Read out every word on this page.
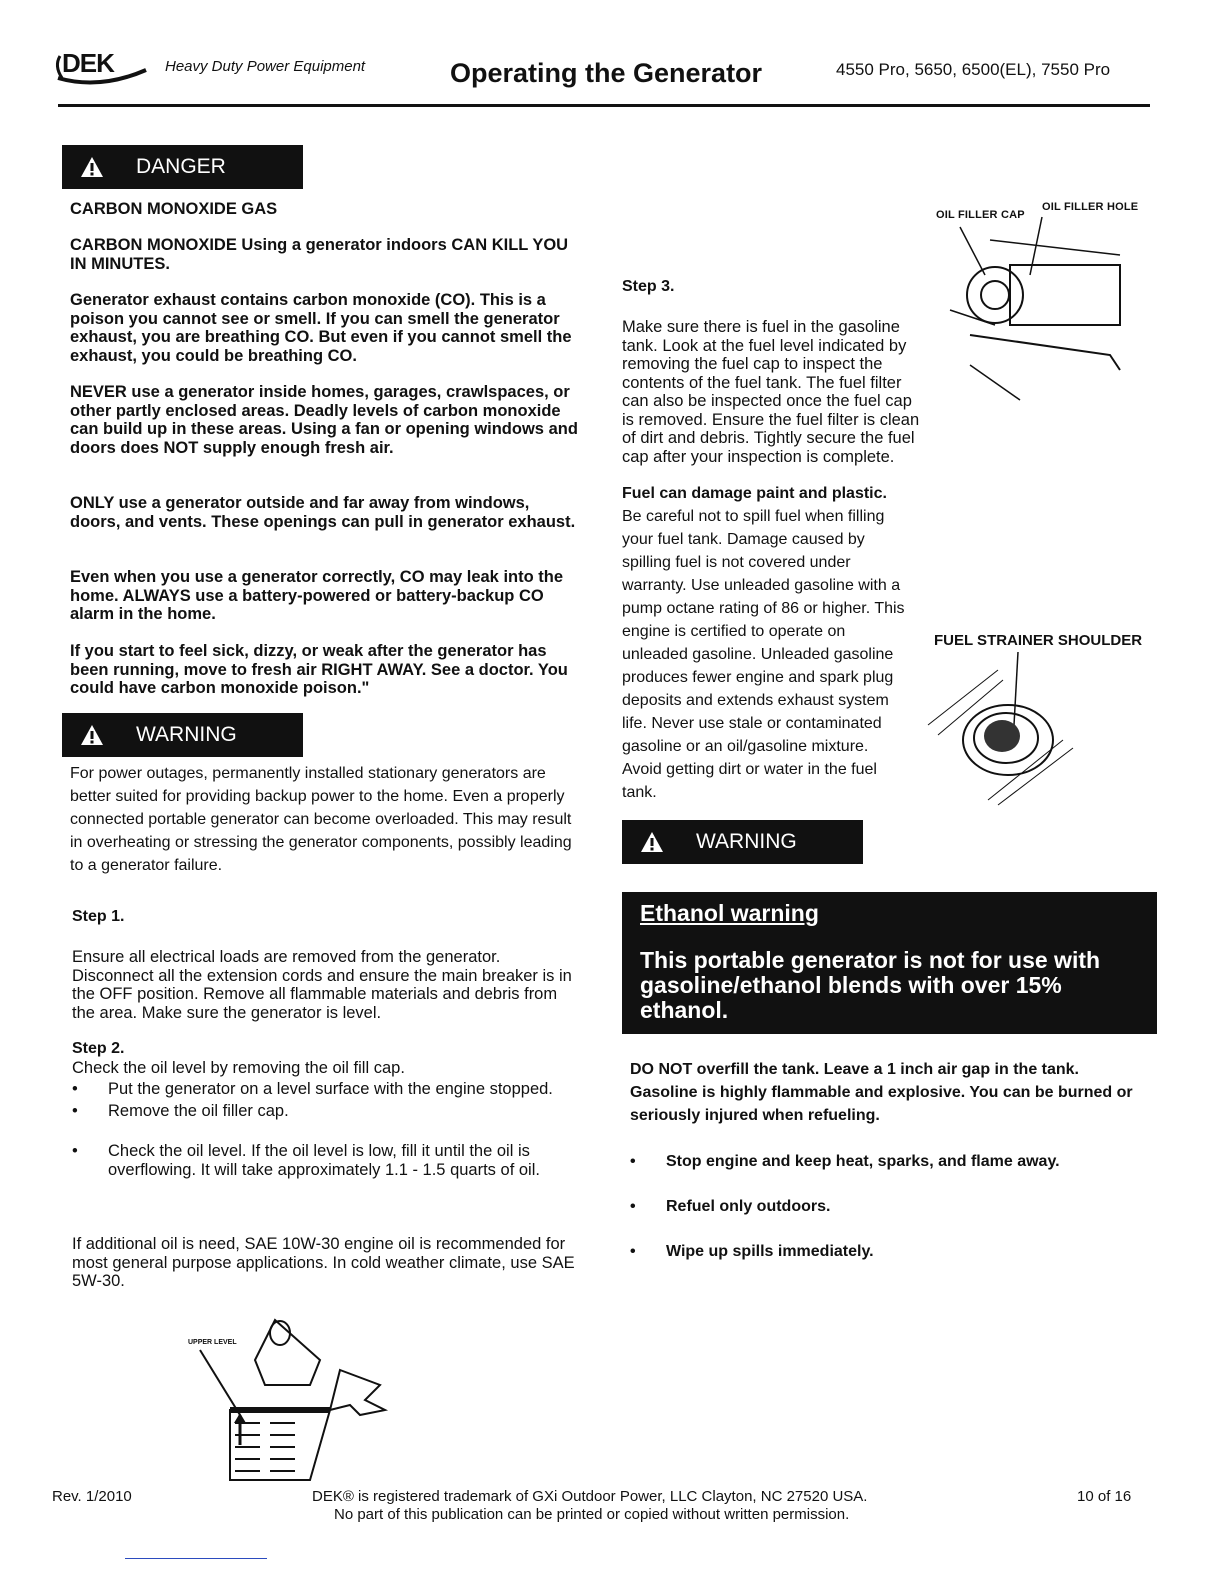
DEK	Heavy Duty Power Equipment	Operating the Generator	4550 Pro, 5650, 6500(EL), 7550 Pro
DANGER
CARBON MONOXIDE GAS
CARBON MONOXIDE Using a generator indoors CAN KILL YOU IN MINUTES.
Generator exhaust contains carbon monoxide (CO). This is a poison you cannot see or smell. If you can smell the generator exhaust, you are breathing CO. But even if you cannot smell the exhaust, you could be breathing CO.
NEVER use a generator inside homes, garages, crawlspaces, or other partly enclosed areas. Deadly levels of carbon monoxide can build up in these areas. Using a fan or opening windows and doors does NOT supply enough fresh air.
ONLY use a generator outside and far away from windows, doors, and vents. These openings can pull in generator exhaust.
Even when you use a generator correctly, CO may leak into the home. ALWAYS use a battery-powered or battery-backup CO alarm in the home.
If you start to feel sick, dizzy, or weak after the generator has been running, move to fresh air RIGHT AWAY. See a doctor. You could have carbon monoxide poison."
WARNING
For power outages, permanently installed stationary generators are better suited for providing backup power to the home. Even a properly connected portable generator can become overloaded. This may result in overheating or stressing the generator components, possibly leading to a generator failure.
Step 1.
Ensure all electrical loads are removed from the generator. Disconnect all the extension cords and ensure the main breaker is in the OFF position. Remove all flammable materials and debris from the area. Make sure the generator is level.
Step 2.
Check the oil level by removing the oil fill cap.
• Put the generator on a level surface with the engine stopped.
• Remove the oil filler cap.
• Check the oil level. If the oil level is low, fill it until the oil is overflowing. It will take approximately 1.1 - 1.5 quarts of oil.
If additional oil is need, SAE 10W-30 engine oil is recommended for most general purpose applications. In cold weather climate, use SAE 5W-30.
UPPER LEVEL
Step 3.
Make sure there is fuel in the gasoline tank. Look at the fuel level indicated by removing the fuel cap to inspect the contents of the fuel tank. The fuel filter can also be inspected once the fuel cap is removed. Ensure the fuel filter is clean of dirt and debris. Tightly secure the fuel cap after your inspection is complete.
OIL FILLER CAP
OIL FILLER HOLE
Fuel can damage paint and plastic. Be careful not to spill fuel when filling your fuel tank. Damage caused by spilling fuel is not covered under warranty. Use unleaded gasoline with a pump octane rating of 86 or higher. This engine is certified to operate on unleaded gasoline. Unleaded gasoline produces fewer engine and spark plug deposits and extends exhaust system life. Never use stale or contaminated gasoline or an oil/gasoline mixture. Avoid getting dirt or water in the fuel tank.
FUEL STRAINER SHOULDER
WARNING
Ethanol warning
This portable generator is not for use with gasoline/ethanol blends with over 15% ethanol.
DO NOT overfill the tank. Leave a 1 inch air gap in the tank. Gasoline is highly flammable and explosive. You can be burned or seriously injured when refueling.
• Stop engine and keep heat, sparks, and flame away.
• Refuel only outdoors.
• Wipe up spills immediately.
Rev. 1/2010	DEK® is registered trademark of GXi Outdoor Power, LLC Clayton, NC 27520 USA.
No part of this publication can be printed or copied without written permission.
10 of 16
